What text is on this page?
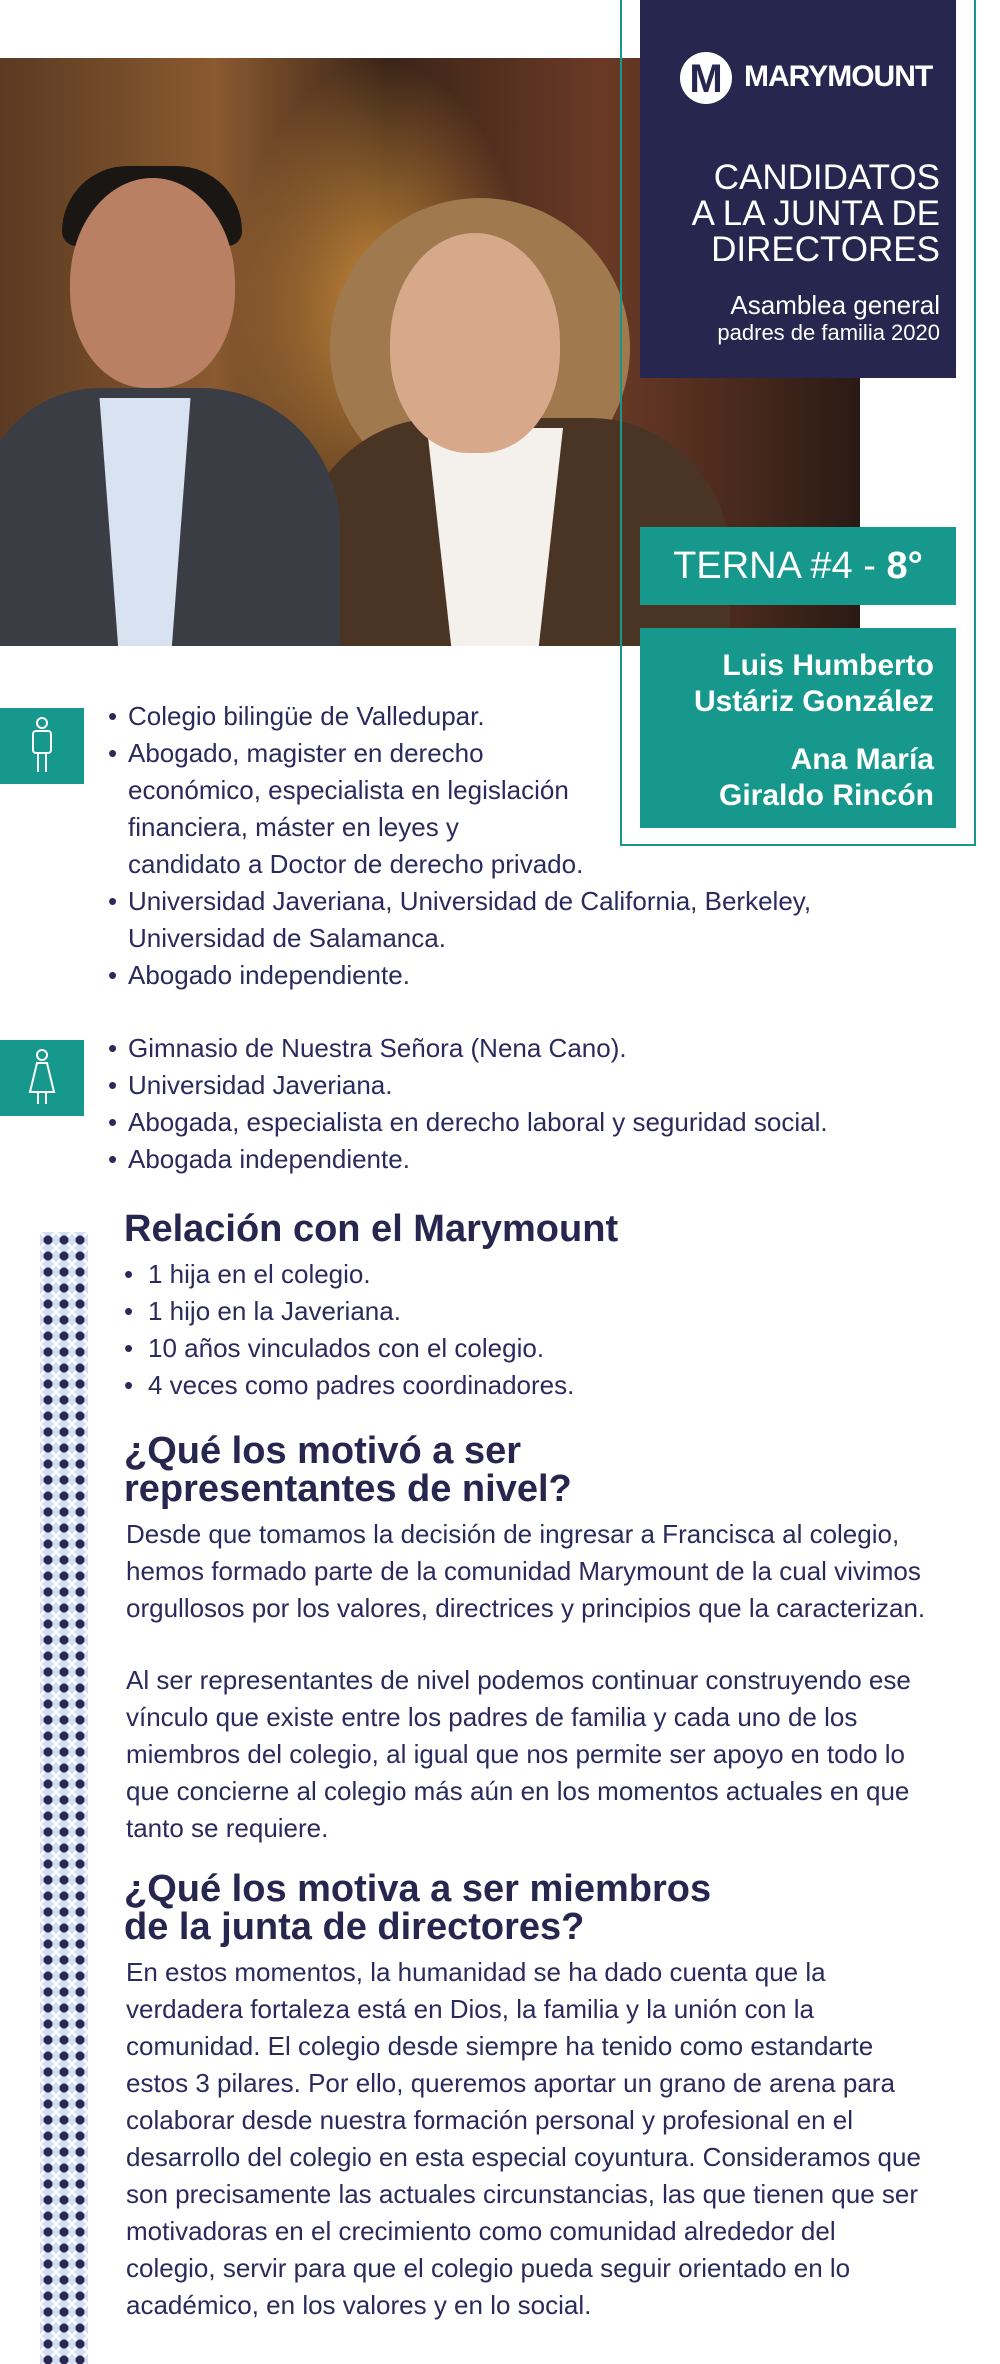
M MARYMOUNT
CANDIDATOS
A LA JUNTA DE
DIRECTORES
Asamblea general
padres de familia 2020
TERNA #4 - 8°
Luis Humberto
Ustáriz González
Ana María
Giraldo Rincón
• Colegio bilingüe de Valledupar.
• Abogado, magister en derecho
económico, especialista en legislación
financiera, máster en leyes y
candidato a Doctor de derecho privado.
• Universidad Javeriana, Universidad de California, Berkeley,
Universidad de Salamanca.
• Abogado independiente.
• Gimnasio de Nuestra Señora (Nena Cano).
• Universidad Javeriana.
• Abogada, especialista en derecho laboral y seguridad social.
• Abogada independiente.
Relación con el Marymount
• 1 hija en el colegio.
• 1 hijo en la Javeriana.
• 10 años vinculados con el colegio.
• 4 veces como padres coordinadores.
¿Qué los motivó a ser
representantes de nivel?
Desde que tomamos la decisión de ingresar a Francisca al colegio,
hemos formado parte de la comunidad Marymount de la cual vivimos
orgullosos por los valores, directrices y principios que la caracterizan.
Al ser representantes de nivel podemos continuar construyendo ese
vínculo que existe entre los padres de familia y cada uno de los
miembros del colegio, al igual que nos permite ser apoyo en todo lo
que concierne al colegio más aún en los momentos actuales en que
tanto se requiere.
¿Qué los motiva a ser miembros
de la junta de directores?
En estos momentos, la humanidad se ha dado cuenta que la
verdadera fortaleza está en Dios, la familia y la unión con la
comunidad. El colegio desde siempre ha tenido como estandarte
estos 3 pilares. Por ello, queremos aportar un grano de arena para
colaborar desde nuestra formación personal y profesional en el
desarrollo del colegio en esta especial coyuntura. Consideramos que
son precisamente las actuales circunstancias, las que tienen que ser
motivadoras en el crecimiento como comunidad alrededor del
colegio, servir para que el colegio pueda seguir orientado en lo
académico, en los valores y en lo social.
